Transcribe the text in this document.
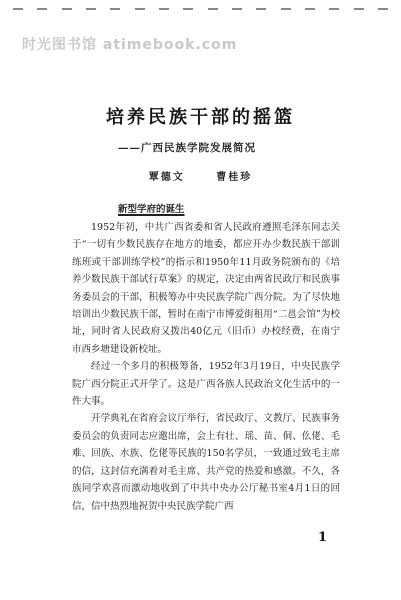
时光图书馆 atimebook.com
培养民族干部的摇篮
——广西民族学院发展简况
覃德文	曹桂珍
新型学府的诞生

1952年初，中共广西省委和省人民政府遵照毛泽东同志关于“一切有少数民族存在地方的地委，都应开办少数民族干部训练班或干部训练学校”的指示和1950年11月政务院颁布的《培养少数民族干部试行草案》的规定，决定由两省民政厅和民族事务委员会的干部，积极筹办中央民族学院广西分院。为了尽快地培训出少数民族干部，暂时在南宁市博爱街租用“二邕会馆”为校址，同时省人民政府又拨出40亿元（旧币）办校经费，在南宁市西乡塘建设新校址。

经过一个多月的积极筹备，1952年3月19日，中央民族学院广西分院正式开学了。这是广西各族人民政治文化生活中的一件大事。

开学典礼在省府会议厅举行，省民政厅、文教厅、民族事务委员会的负责同志应邀出席，会上有壮、瑶、苗、侗、仫佬、毛难、回族、水族、仡佬等民族的150名学员，一致通过致毛主席的信，这封信充满着对毛主席、共产党的热爱和感激。不久，各族同学欢喜而激动地收到了中共中央办公厅秘书室4月1日的回信，信中热烈地祝贺中央民族学院广西

1
